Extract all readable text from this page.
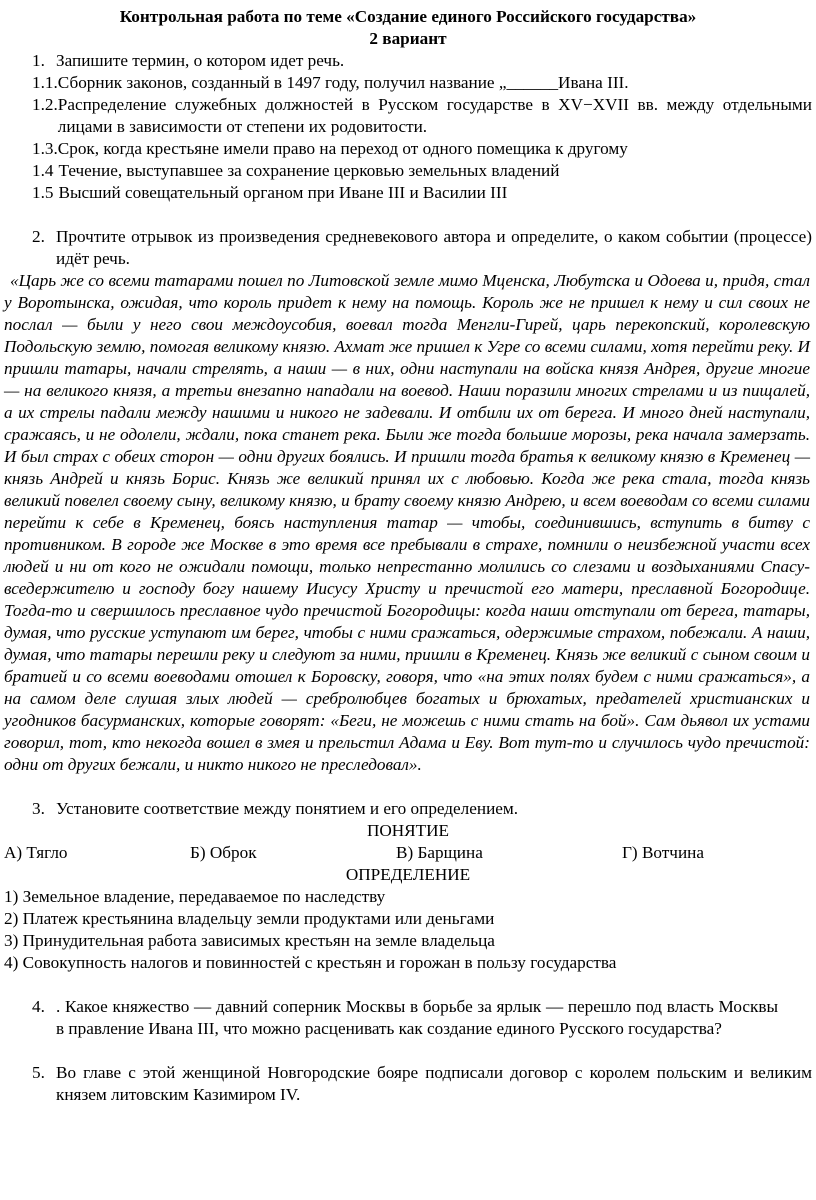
Контрольная работа по теме «Создание единого Российского государства»
2 вариант
1. Запишите термин, о котором идет речь.
1.1. Сборник законов, созданный в 1497 году, получил название „______Ивана III.
1.2. Распределение служебных должностей в Русском государстве в XV−XVII вв. между отдельными лицами в зависимости от степени их родовитости.
1.3. Срок, когда крестьяне имели право на переход от одного помещика к другому
1.4 Течение, выступавшее за сохранение церковью земельных владений
1.5 Высший совещательный органом при Иване III и Василии III
2. Прочтите отрывок из произведения средневекового автора и определите, о каком событии (процессе) идёт речь.

«Царь же со всеми татарами пошел по Литовской земле мимо Мценска, Любутска и Одоева и, придя, стал у Воротынска, ожидая, что король придет к нему на помощь. Король же не пришел к нему и сил своих не послал — были у него свои междоусобия, воевал тогда Менгли-Гирей, царь перекопский, королевскую Подольскую землю, помогая великому князю. Ахмат же пришел к Угре со всеми силами, хотя перейти реку. И пришли татары, начали стрелять, а наши — в них, одни наступали на войска князя Андрея, другие многие — на великого князя, а третьи внезапно нападали на воевод. Наши поразили многих стрелами и из пищалей, а их стрелы падали между нашими и никого не задевали. И отбили их от берега. И много дней наступали, сражаясь, и не одолели, ждали, пока станет река. Были же тогда большие морозы, река начала замерзать. И был страх с обеих сторон — одни других боялись. И пришли тогда братья к великому князю в Кременец — князь Андрей и князь Борис. Князь же великий принял их с любовью. Когда же река стала, тогда князь великий повелел своему сыну, великому князю, и брату своему князю Андрею, и всем воеводам со всеми силами перейти к себе в Кременец, боясь наступления татар — чтобы, соединившись, вступить в битву с противником. В городе же Москве в это время все пребывали в страхе, помнили о неизбежной участи всех людей и ни от кого не ожидали помощи, только непрестанно молились со слезами и воздыханиями Спасу-вседержителю и господу богу нашему Иисусу Христу и пречистой его матери, преславной Богородице. Тогда-то и свершилось преславное чудо пречистой Богородицы: когда наши отступали от берега, татары, думая, что русские уступают им берег, чтобы с ними сражаться, одержимые страхом, побежали. А наши, думая, что татары перешли реку и следуют за ними, пришли в Кременец. Князь же великий с сыном своим и братией и со всеми воеводами отошел к Боровску, говоря, что «на этих полях будем с ними сражаться», а на самом деле слушая злых людей — сребролюбцев богатых и брюхатых, предателей христианских и угодников басурманских, которые говорят: «Беги, не можешь с ними стать на бой». Сам дьявол их устами говорил, тот, кто некогда вошел в змея и прельстил Адама и Еву. Вот тут-то и случилось чудо пречистой: одни от других бежали, и никто никого не преследовал».

3. Установите соответствие между понятием и его определением.
ПОНЯТИЕ
А) Тягло	Б) Оброк	В) Барщина	Г) Вотчина
ОПРЕДЕЛЕНИЕ
1) Земельное владение, передаваемое по наследству
2) Платеж крестьянина владельцу земли продуктами или деньгами
3) Принудительная работа зависимых крестьян на земле владельца
4) Совокупность налогов и повинностей с крестьян и горожан в пользу государства
4. . Какое княжество — давний соперник Москвы в борьбе за ярлык — перешло под власть Москвы в правление Ивана III, что можно расценивать как создание единого Русского государства?
5. Во главе с этой женщиной Новгородские бояре подписали договор с королем польским и великим князем литовским Казимиром IV.
